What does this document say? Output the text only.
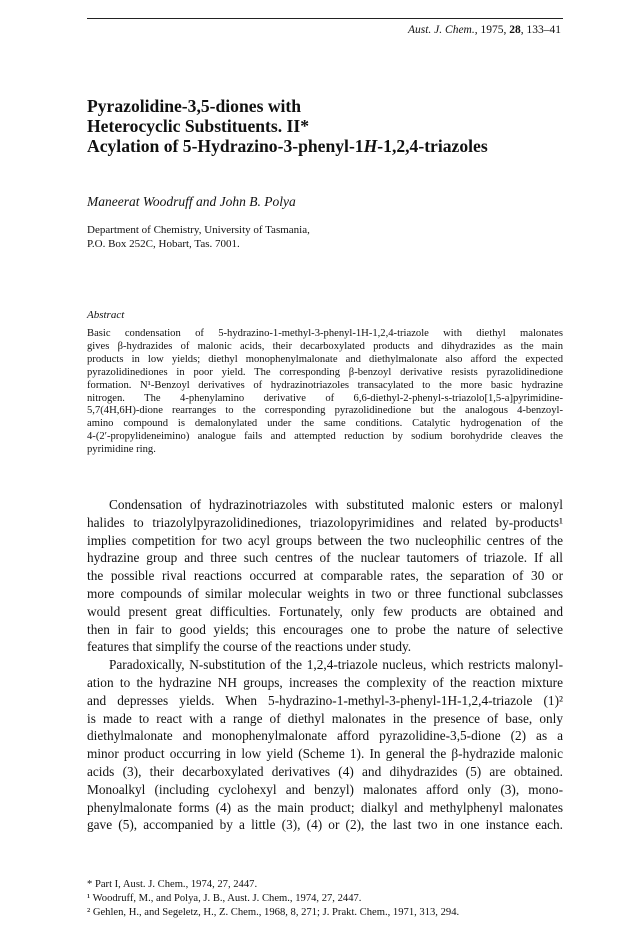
Aust. J. Chem., 1975, 28, 133–41
Pyrazolidine-3,5-diones with
Heterocyclic Substituents. II*
Acylation of 5-Hydrazino-3-phenyl-1H-1,2,4-triazoles
Maneerat Woodruff and John B. Polya
Department of Chemistry, University of Tasmania,
P.O. Box 252C, Hobart, Tas. 7001.
Abstract
Basic condensation of 5-hydrazino-1-methyl-3-phenyl-1H-1,2,4-triazole with diethyl malonates
gives β-hydrazides of malonic acids, their decarboxylated products and dihydrazides as the main
products in low yields; diethyl monophenylmalonate and diethylmalonate also afford the expected
pyrazolidinediones in poor yield. The corresponding β-benzoyl derivative resists pyrazolidinedione
formation. N¹-Benzoyl derivatives of hydrazinotriazoles transacylated to the more basic hydrazine
nitrogen. The 4-phenylamino derivative of 6,6-diethyl-2-phenyl-s-triazolo[1,5-a]pyrimidine-
5,7(4H,6H)-dione rearranges to the corresponding pyrazolidinedione but the analogous 4-benzoyl-
amino compound is demalonylated under the same conditions. Catalytic hydrogenation of the
4-(2′-propylideneimino) analogue fails and attempted reduction by sodium borohydride cleaves the
pyrimidine ring.
Condensation of hydrazinotriazoles with substituted malonic esters or malonyl
halides to triazolylpyrazolidinediones, triazolopyrimidines and related by-products¹
implies competition for two acyl groups between the two nucleophilic centres of the
hydrazine group and three such centres of the nuclear tautomers of triazole. If all
the possible rival reactions occurred at comparable rates, the separation of 30 or
more compounds of similar molecular weights in two or three functional subclasses
would present great difficulties. Fortunately, only few products are obtained and
then in fair to good yields; this encourages one to probe the nature of selective
features that simplify the course of the reactions under study.
Paradoxically, N-substitution of the 1,2,4-triazole nucleus, which restricts malonyl-
ation to the hydrazine NH groups, increases the complexity of the reaction mixture
and depresses yields. When 5-hydrazino-1-methyl-3-phenyl-1H-1,2,4-triazole (1)²
is made to react with a range of diethyl malonates in the presence of base, only
diethylmalonate and monophenylmalonate afford pyrazolidine-3,5-dione (2) as a
minor product occurring in low yield (Scheme 1). In general the β-hydrazide malonic
acids (3), their decarboxylated derivatives (4) and dihydrazides (5) are obtained.
Monoalkyl (including cyclohexyl and benzyl) malonates afford only (3), mono-
phenylmalonate forms (4) as the main product; dialkyl and methylphenyl malonates
gave (5), accompanied by a little (3), (4) or (2), the last two in one instance each.
* Part I, Aust. J. Chem., 1974, 27, 2447.
¹ Woodruff, M., and Polya, J. B., Aust. J. Chem., 1974, 27, 2447.
² Gehlen, H., and Segeletz, H., Z. Chem., 1968, 8, 271; J. Prakt. Chem., 1971, 313, 294.
